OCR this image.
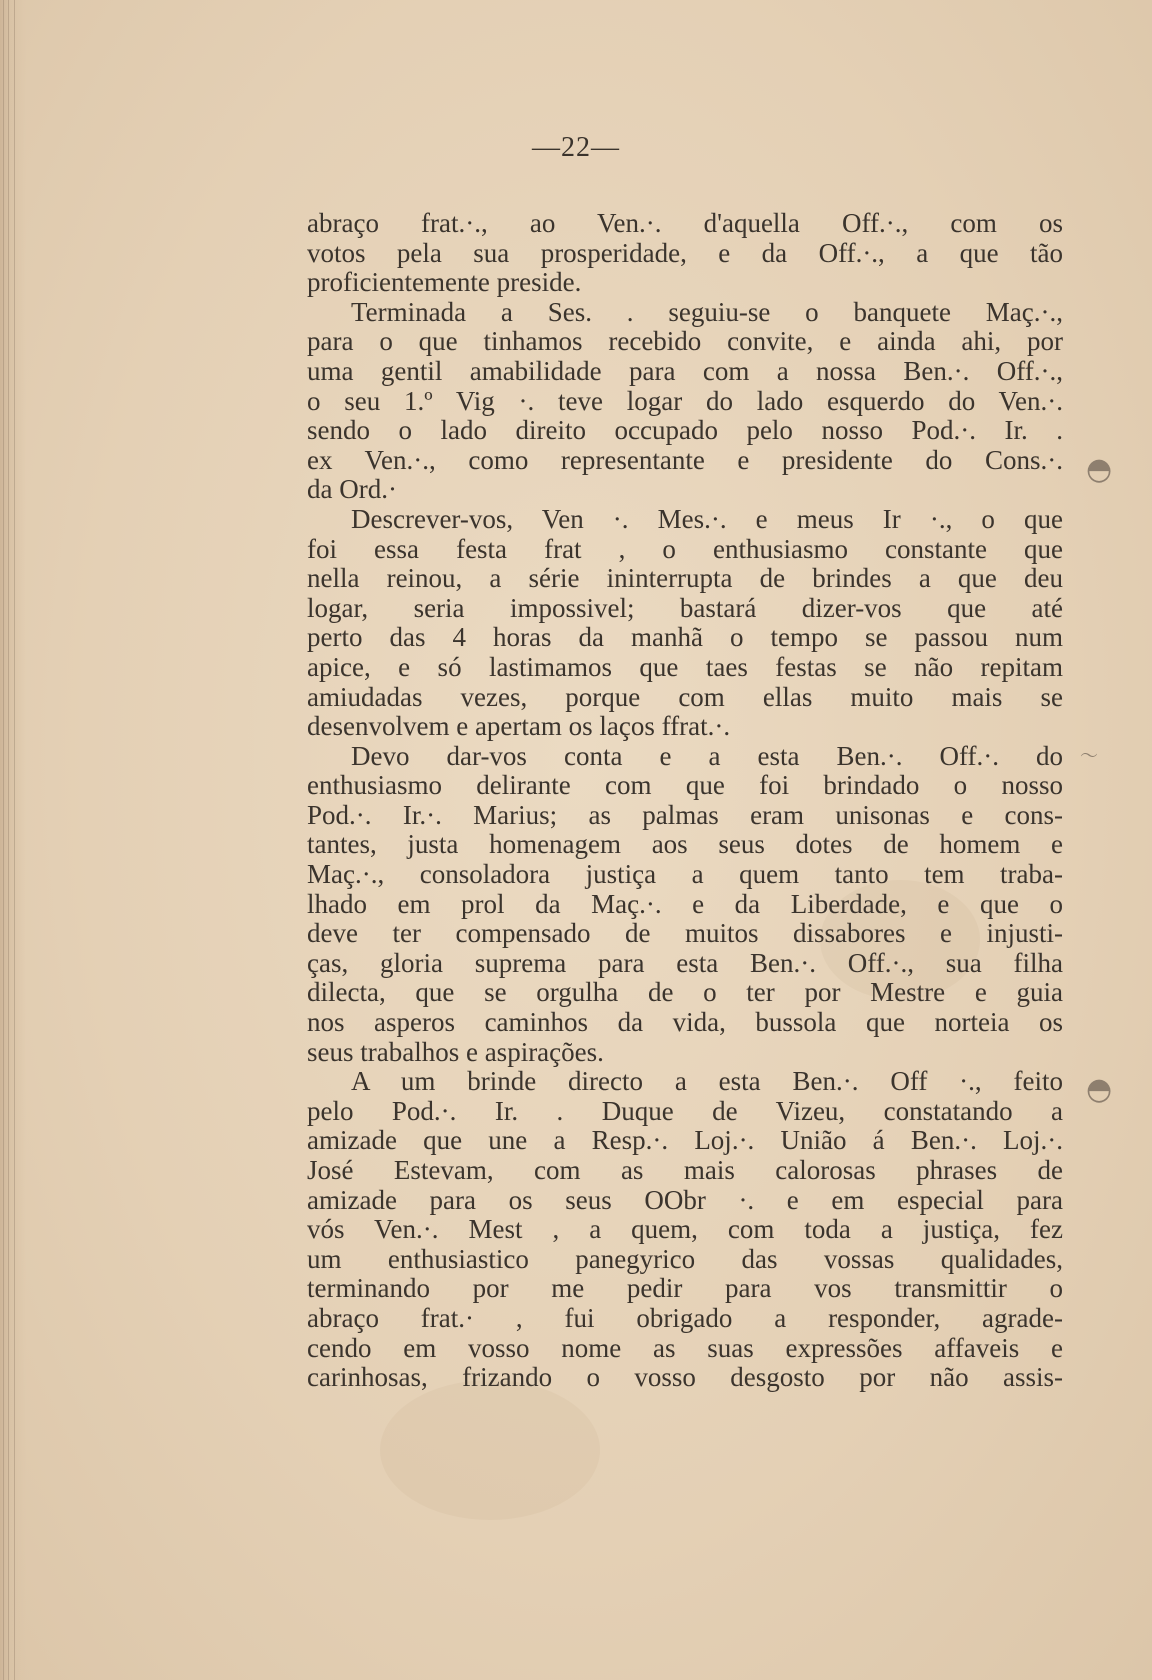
◓
◓
～
—22—
abraço frat.·., ao Ven.·. d'aquella Off.·., com os
votos pela sua prosperidade, e da Off.·., a que tão
proficientemente preside.
Terminada a Ses. . seguiu-se o banquete Maç.·.,
para o que tinhamos recebido convite, e ainda ahi, por
uma gentil amabilidade para com a nossa Ben.·. Off.·.,
o seu 1.º Vig ·. teve logar do lado esquerdo do Ven.·.
sendo o lado direito occupado pelo nosso Pod.·. Ir. .
ex Ven.·., como representante e presidente do Cons.·.
da Ord.·
Descrever-vos, Ven ·. Mes.·. e meus Ir ·., o que
foi essa festa frat , o enthusiasmo constante que
nella reinou, a série ininterrupta de brindes a que deu
logar, seria impossivel; bastará dizer-vos que até
perto das 4 horas da manhã o tempo se passou num
apice, e só lastimamos que taes festas se não repitam
amiudadas vezes, porque com ellas muito mais se
desenvolvem e apertam os laços ffrat.·.
Devo dar-vos conta e a esta Ben.·. Off.·. do
enthusiasmo delirante com que foi brindado o nosso
Pod.·. Ir.·. Marius; as palmas eram unisonas e cons-
tantes, justa homenagem aos seus dotes de homem e
Maç.·., consoladora justiça a quem tanto tem traba-
lhado em prol da Maç.·. e da Liberdade, e que o
deve ter compensado de muitos dissabores e injusti-
ças, gloria suprema para esta Ben.·. Off.·., sua filha
dilecta, que se orgulha de o ter por Mestre e guia
nos asperos caminhos da vida, bussola que norteia os
seus trabalhos e aspirações.
A um brinde directo a esta Ben.·. Off ·., feito
pelo Pod.·. Ir. . Duque de Vizeu, constatando a
amizade que une a Resp.·. Loj.·. União á Ben.·. Loj.·.
José Estevam, com as mais calorosas phrases de
amizade para os seus OObr ·. e em especial para
vós Ven.·. Mest , a quem, com toda a justiça, fez
um enthusiastico panegyrico das vossas qualidades,
terminando por me pedir para vos transmittir o
abraço frat.· , fui obrigado a responder, agrade-
cendo em vosso nome as suas expressões affaveis e
carinhosas, frizando o vosso desgosto por não assis-
